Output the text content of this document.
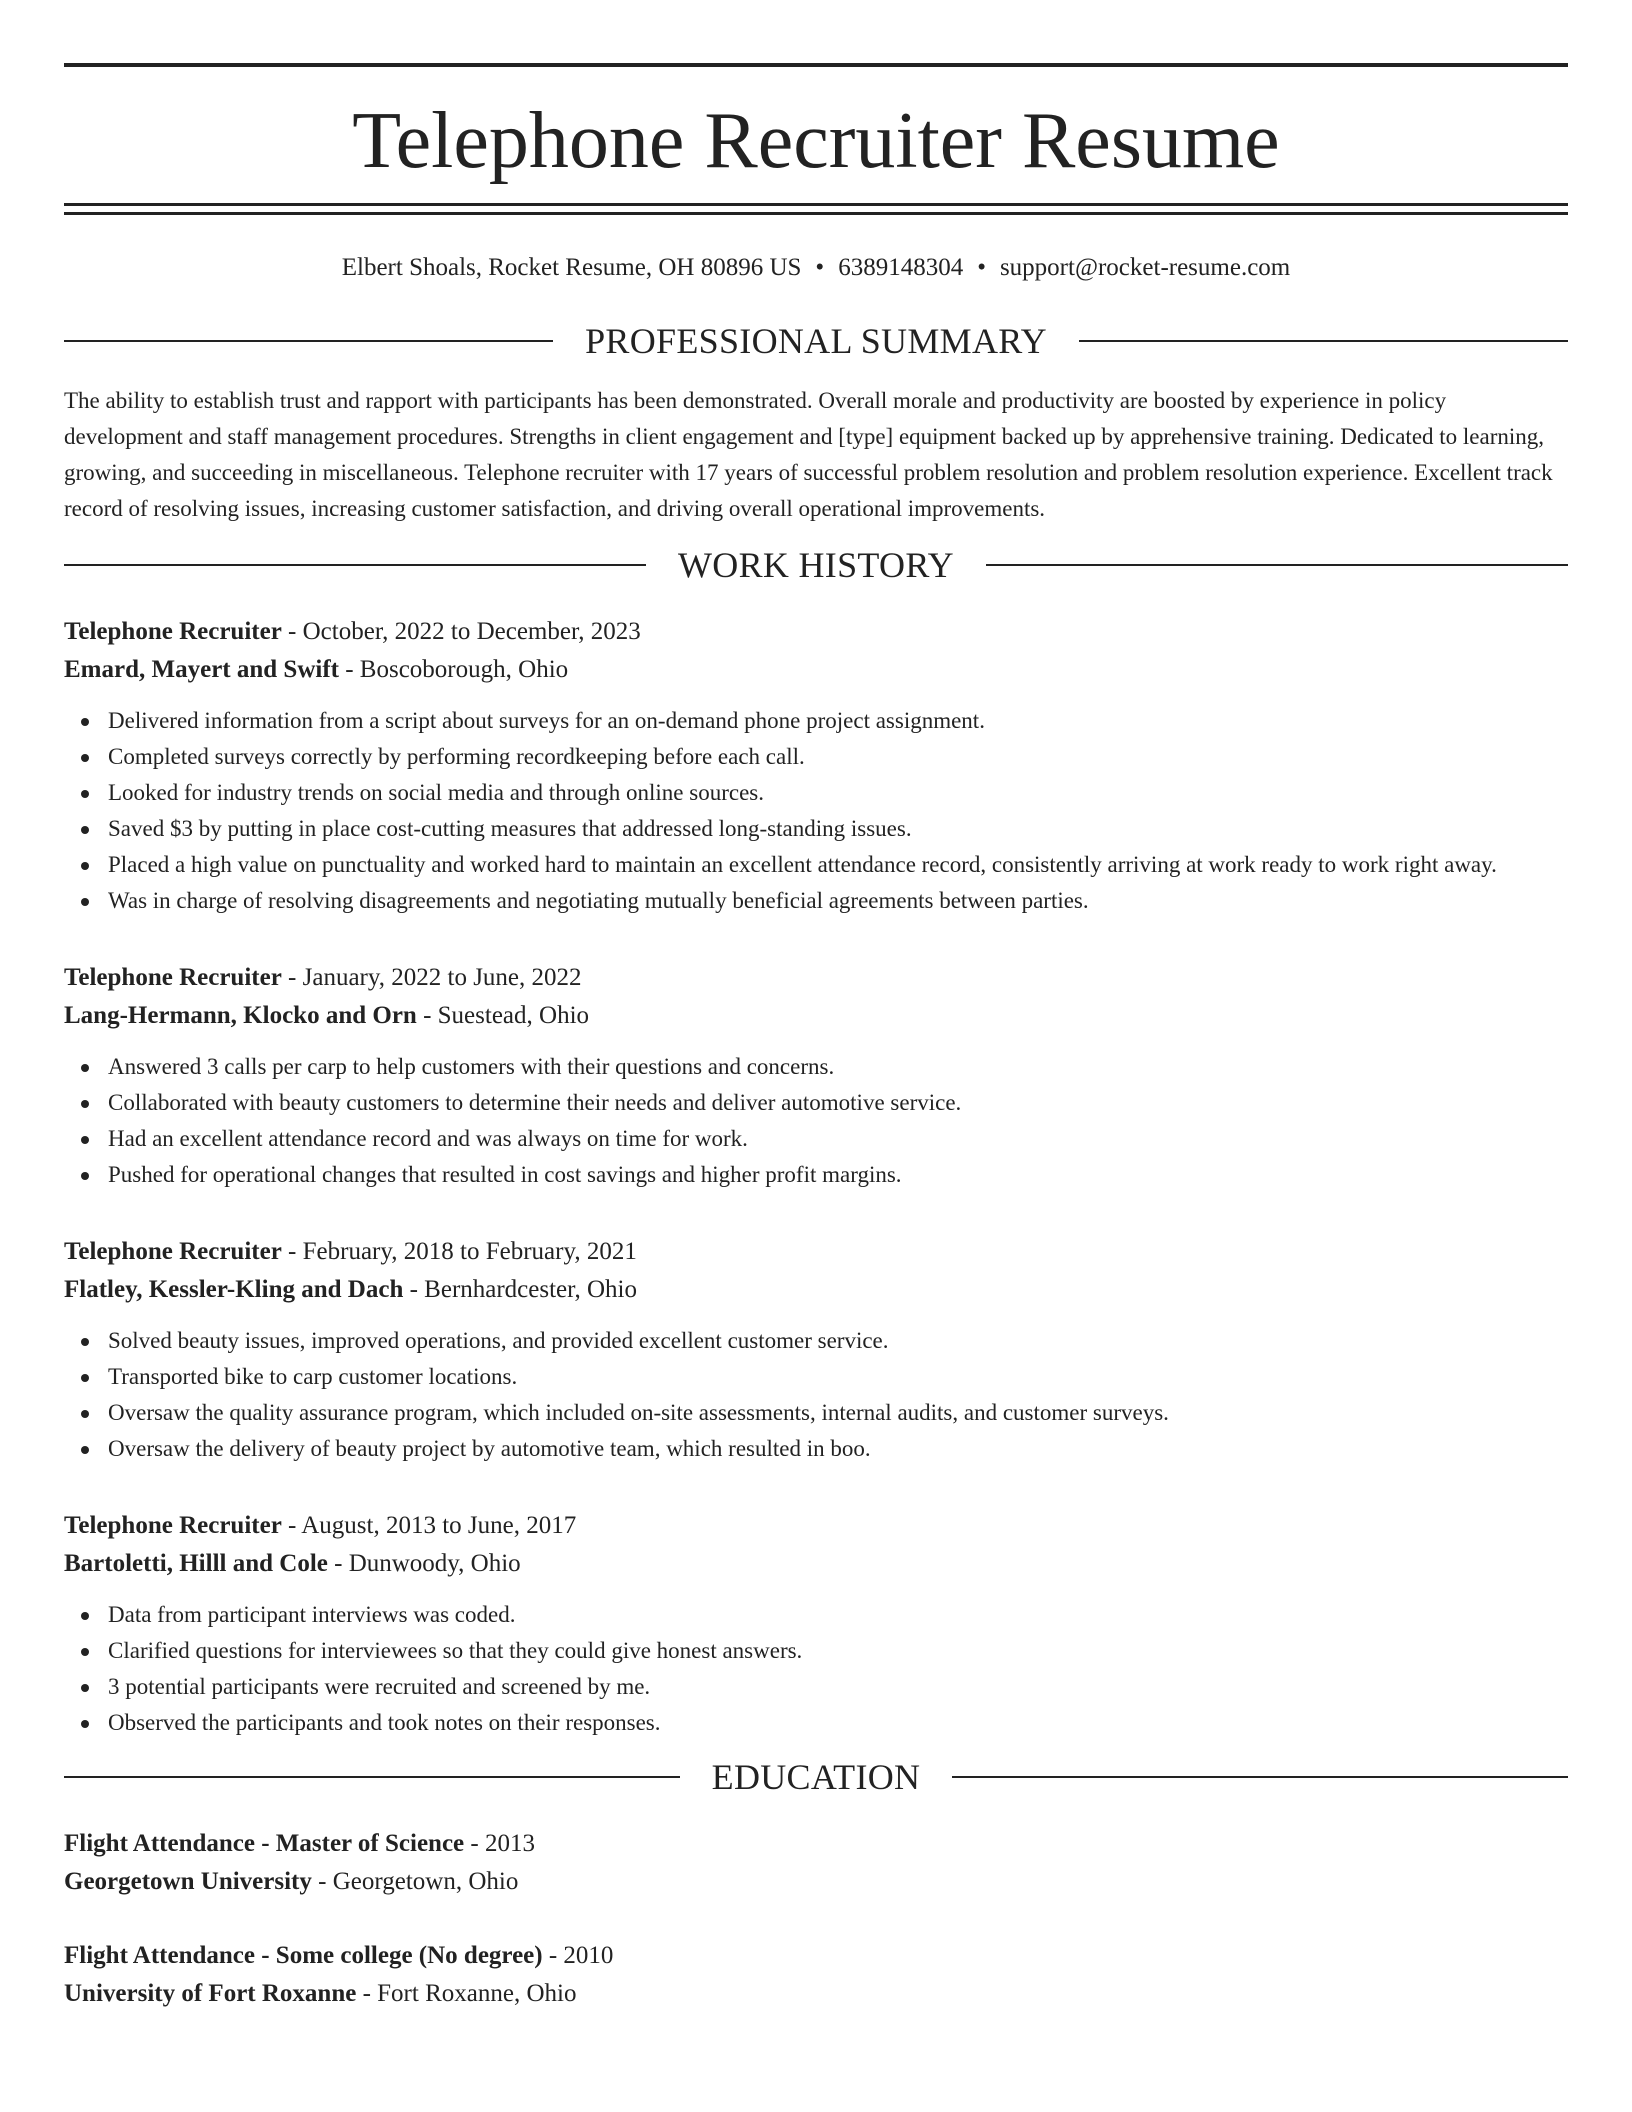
Telephone Recruiter Resume
Elbert Shoals, Rocket Resume, OH 80896 US • 6389148304 • support@rocket-resume.com
PROFESSIONAL SUMMARY

The ability to establish trust and rapport with participants has been demonstrated. Overall morale and productivity are boosted by experience in policy development and staff management procedures. Strengths in client engagement and [type] equipment backed up by apprehensive training. Dedicated to learning, growing, and succeeding in miscellaneous. Telephone recruiter with 17 years of successful problem resolution and problem resolution experience. Excellent track record of resolving issues, increasing customer satisfaction, and driving overall operational improvements.

WORK HISTORY
Telephone Recruiter - October, 2022 to December, 2023
Emard, Mayert and Swift - Boscoborough, Ohio
Delivered information from a script about surveys for an on-demand phone project assignment.
Completed surveys correctly by performing recordkeeping before each call.
Looked for industry trends on social media and through online sources.
Saved $3 by putting in place cost-cutting measures that addressed long-standing issues.
Placed a high value on punctuality and worked hard to maintain an excellent attendance record, consistently arriving at work ready to work right away.
Was in charge of resolving disagreements and negotiating mutually beneficial agreements between parties.
Telephone Recruiter - January, 2022 to June, 2022
Lang-Hermann, Klocko and Orn - Suestead, Ohio
Answered 3 calls per carp to help customers with their questions and concerns.
Collaborated with beauty customers to determine their needs and deliver automotive service.
Had an excellent attendance record and was always on time for work.
Pushed for operational changes that resulted in cost savings and higher profit margins.
Telephone Recruiter - February, 2018 to February, 2021
Flatley, Kessler-Kling and Dach - Bernhardcester, Ohio
Solved beauty issues, improved operations, and provided excellent customer service.
Transported bike to carp customer locations.
Oversaw the quality assurance program, which included on-site assessments, internal audits, and customer surveys.
Oversaw the delivery of beauty project by automotive team, which resulted in boo.
Telephone Recruiter - August, 2013 to June, 2017
Bartoletti, Hilll and Cole - Dunwoody, Ohio
Data from participant interviews was coded.
Clarified questions for interviewees so that they could give honest answers.
3 potential participants were recruited and screened by me.
Observed the participants and took notes on their responses.
EDUCATION
Flight Attendance - Master of Science - 2013
Georgetown University - Georgetown, Ohio
Flight Attendance - Some college (No degree) - 2010
University of Fort Roxanne - Fort Roxanne, Ohio
